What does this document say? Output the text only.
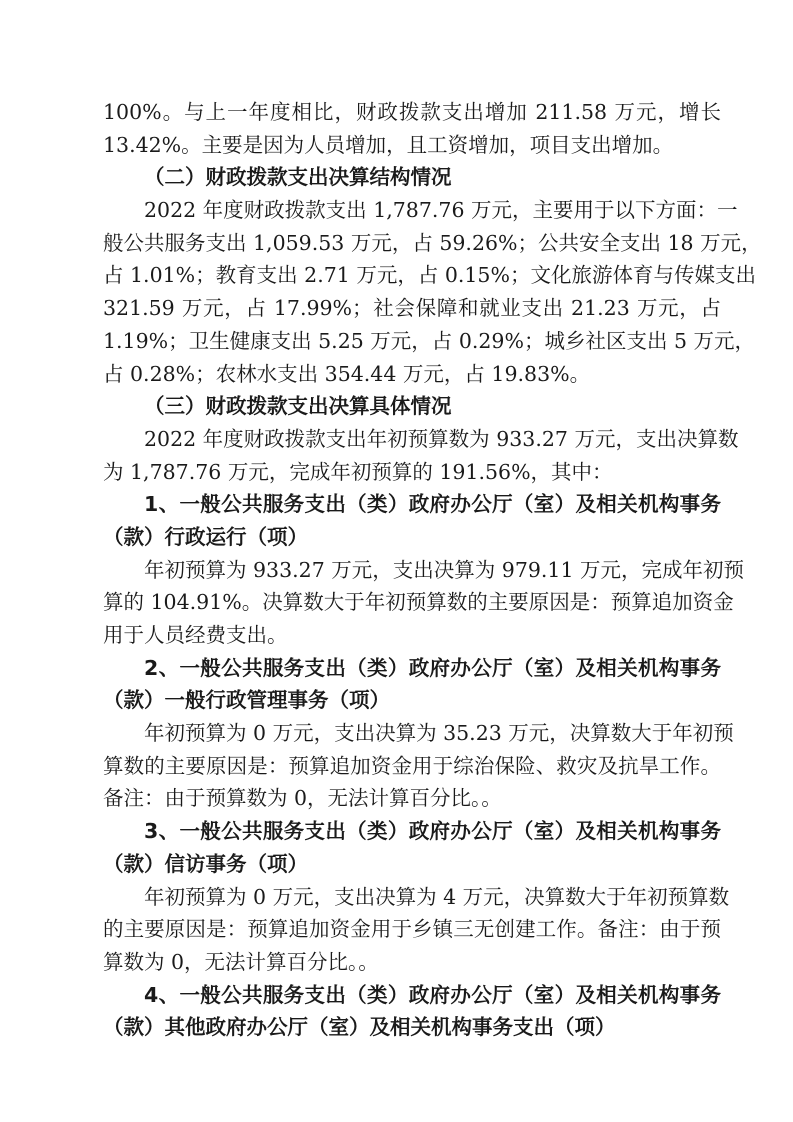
100%。与上一年度相比，财政拨款支出增加 211.58 万元，增长
13.42%。主要是因为人员增加，且工资增加，项目支出增加。
（二）财政拨款支出决算结构情况
2022 年度财政拨款支出 1,787.76 万元，主要用于以下方面：一
般公共服务支出 1,059.53 万元，占 59.26%；公共安全支出 18 万元，
占 1.01%；教育支出 2.71 万元，占 0.15%；文化旅游体育与传媒支出
321.59 万元，占 17.99%；社会保障和就业支出 21.23 万元，占
1.19%；卫生健康支出 5.25 万元，占 0.29%；城乡社区支出 5 万元，
占 0.28%；农林水支出 354.44 万元，占 19.83%。
（三）财政拨款支出决算具体情况
2022 年度财政拨款支出年初预算数为 933.27 万元，支出决算数
为 1,787.76 万元，完成年初预算的 191.56%，其中：
1、一般公共服务支出（类）政府办公厅（室）及相关机构事务
（款）行政运行（项）
年初预算为 933.27 万元，支出决算为 979.11 万元，完成年初预
算的 104.91%。决算数大于年初预算数的主要原因是：预算追加资金
用于人员经费支出。
2、一般公共服务支出（类）政府办公厅（室）及相关机构事务
（款）一般行政管理事务（项）
年初预算为 0 万元，支出决算为 35.23 万元，决算数大于年初预
算数的主要原因是：预算追加资金用于综治保险、救灾及抗旱工作。
备注：由于预算数为 0，无法计算百分比。。
3、一般公共服务支出（类）政府办公厅（室）及相关机构事务
（款）信访事务（项）
年初预算为 0 万元，支出决算为 4 万元，决算数大于年初预算数
的主要原因是：预算追加资金用于乡镇三无创建工作。备注：由于预
算数为 0，无法计算百分比。。
4、一般公共服务支出（类）政府办公厅（室）及相关机构事务
（款）其他政府办公厅（室）及相关机构事务支出（项）
